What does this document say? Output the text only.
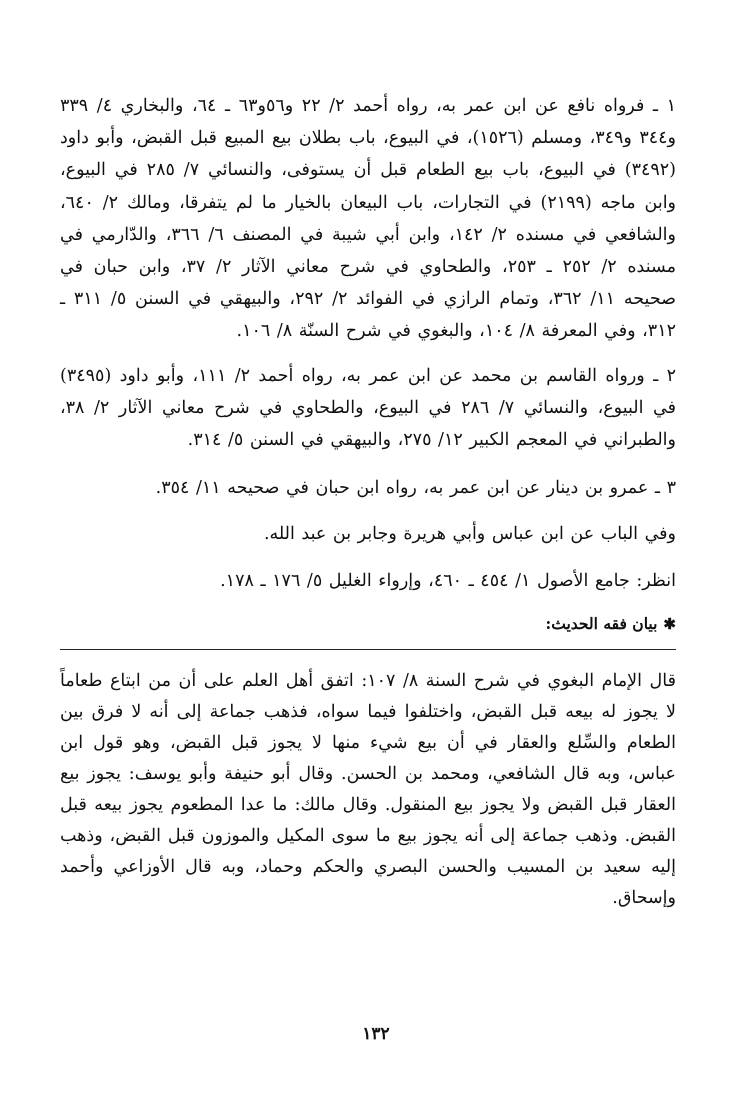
١ ـ فرواه نافع عن ابن عمر به، رواه أحمد ٢/ ٢٢ و٥٦و٦٣ ـ ٦٤، والبخاري ٤/ ٣٣٩ و٣٤٤ و٣٤٩، ومسلم (١٥٢٦)، في البيوع، باب بطلان بيع المبيع قبل القبض، وأبو داود (٣٤٩٢) في البيوع، باب بيع الطعام قبل أن يستوفى، والنسائي ٧/ ٢٨٥ في البيوع، وابن ماجه (٢١٩٩) في التجارات، باب البيعان بالخيار ما لم يتفرقا، ومالك ٢/ ٦٤٠، والشافعي في مسنده ٢/ ١٤٢، وابن أبي شيبة في المصنف ٦/ ٣٦٦، والدّارمي في مسنده ٢/ ٢٥٢ ـ ٢٥٣، والطحاوي في شرح معاني الآثار ٢/ ٣٧، وابن حبان في صحيحه ١١/ ٣٦٢، وتمام الرازي في الفوائد ٢/ ٢٩٢، والبيهقي في السنن ٥/ ٣١١ ـ ٣١٢، وفي المعرفة ٨/ ١٠٤، والبغوي في شرح السنّة ٨/ ١٠٦.

٢ ـ ورواه القاسم بن محمد عن ابن عمر به، رواه أحمد ٢/ ١١١، وأبو داود (٣٤٩٥) في البيوع، والنسائي ٧/ ٢٨٦ في البيوع، والطحاوي في شرح معاني الآثار ٢/ ٣٨، والطبراني في المعجم الكبير ١٢/ ٢٧٥، والبيهقي في السنن ٥/ ٣١٤.

٣ ـ عمرو بن دينار عن ابن عمر به، رواه ابن حبان في صحيحه ١١/ ٣٥٤.

وفي الباب عن ابن عباس وأبي هريرة وجابر بن عبد الله.

انظر: جامع الأصول ١/ ٤٥٤ ـ ٤٦٠، وإرواء الغليل ٥/ ١٧٦ ـ ١٧٨.

✱بيان فقه الحديث:

قال الإمام البغوي في شرح السنة ٨/ ١٠٧: اتفق أهل العلم على أن من ابتاع طعاماً لا يجوز له بيعه قبل القبض، واختلفوا فيما سواه، فذهب جماعة إلى أنه لا فرق بين الطعام والسِّلع والعقار في أن بيع شيء منها لا يجوز قبل القبض، وهو قول ابن عباس، وبه قال الشافعي، ومحمد بن الحسن. وقال أبو حنيفة وأبو يوسف: يجوز بيع العقار قبل القبض ولا يجوز بيع المنقول. وقال مالك: ما عدا المطعوم يجوز بيعه قبل القبض. وذهب جماعة إلى أنه يجوز بيع ما سوى المكيل والموزون قبل القبض، وذهب إليه سعيد بن المسيب والحسن البصري والحكم وحماد، وبه قال الأوزاعي وأحمد وإسحاق.

١٣٢
